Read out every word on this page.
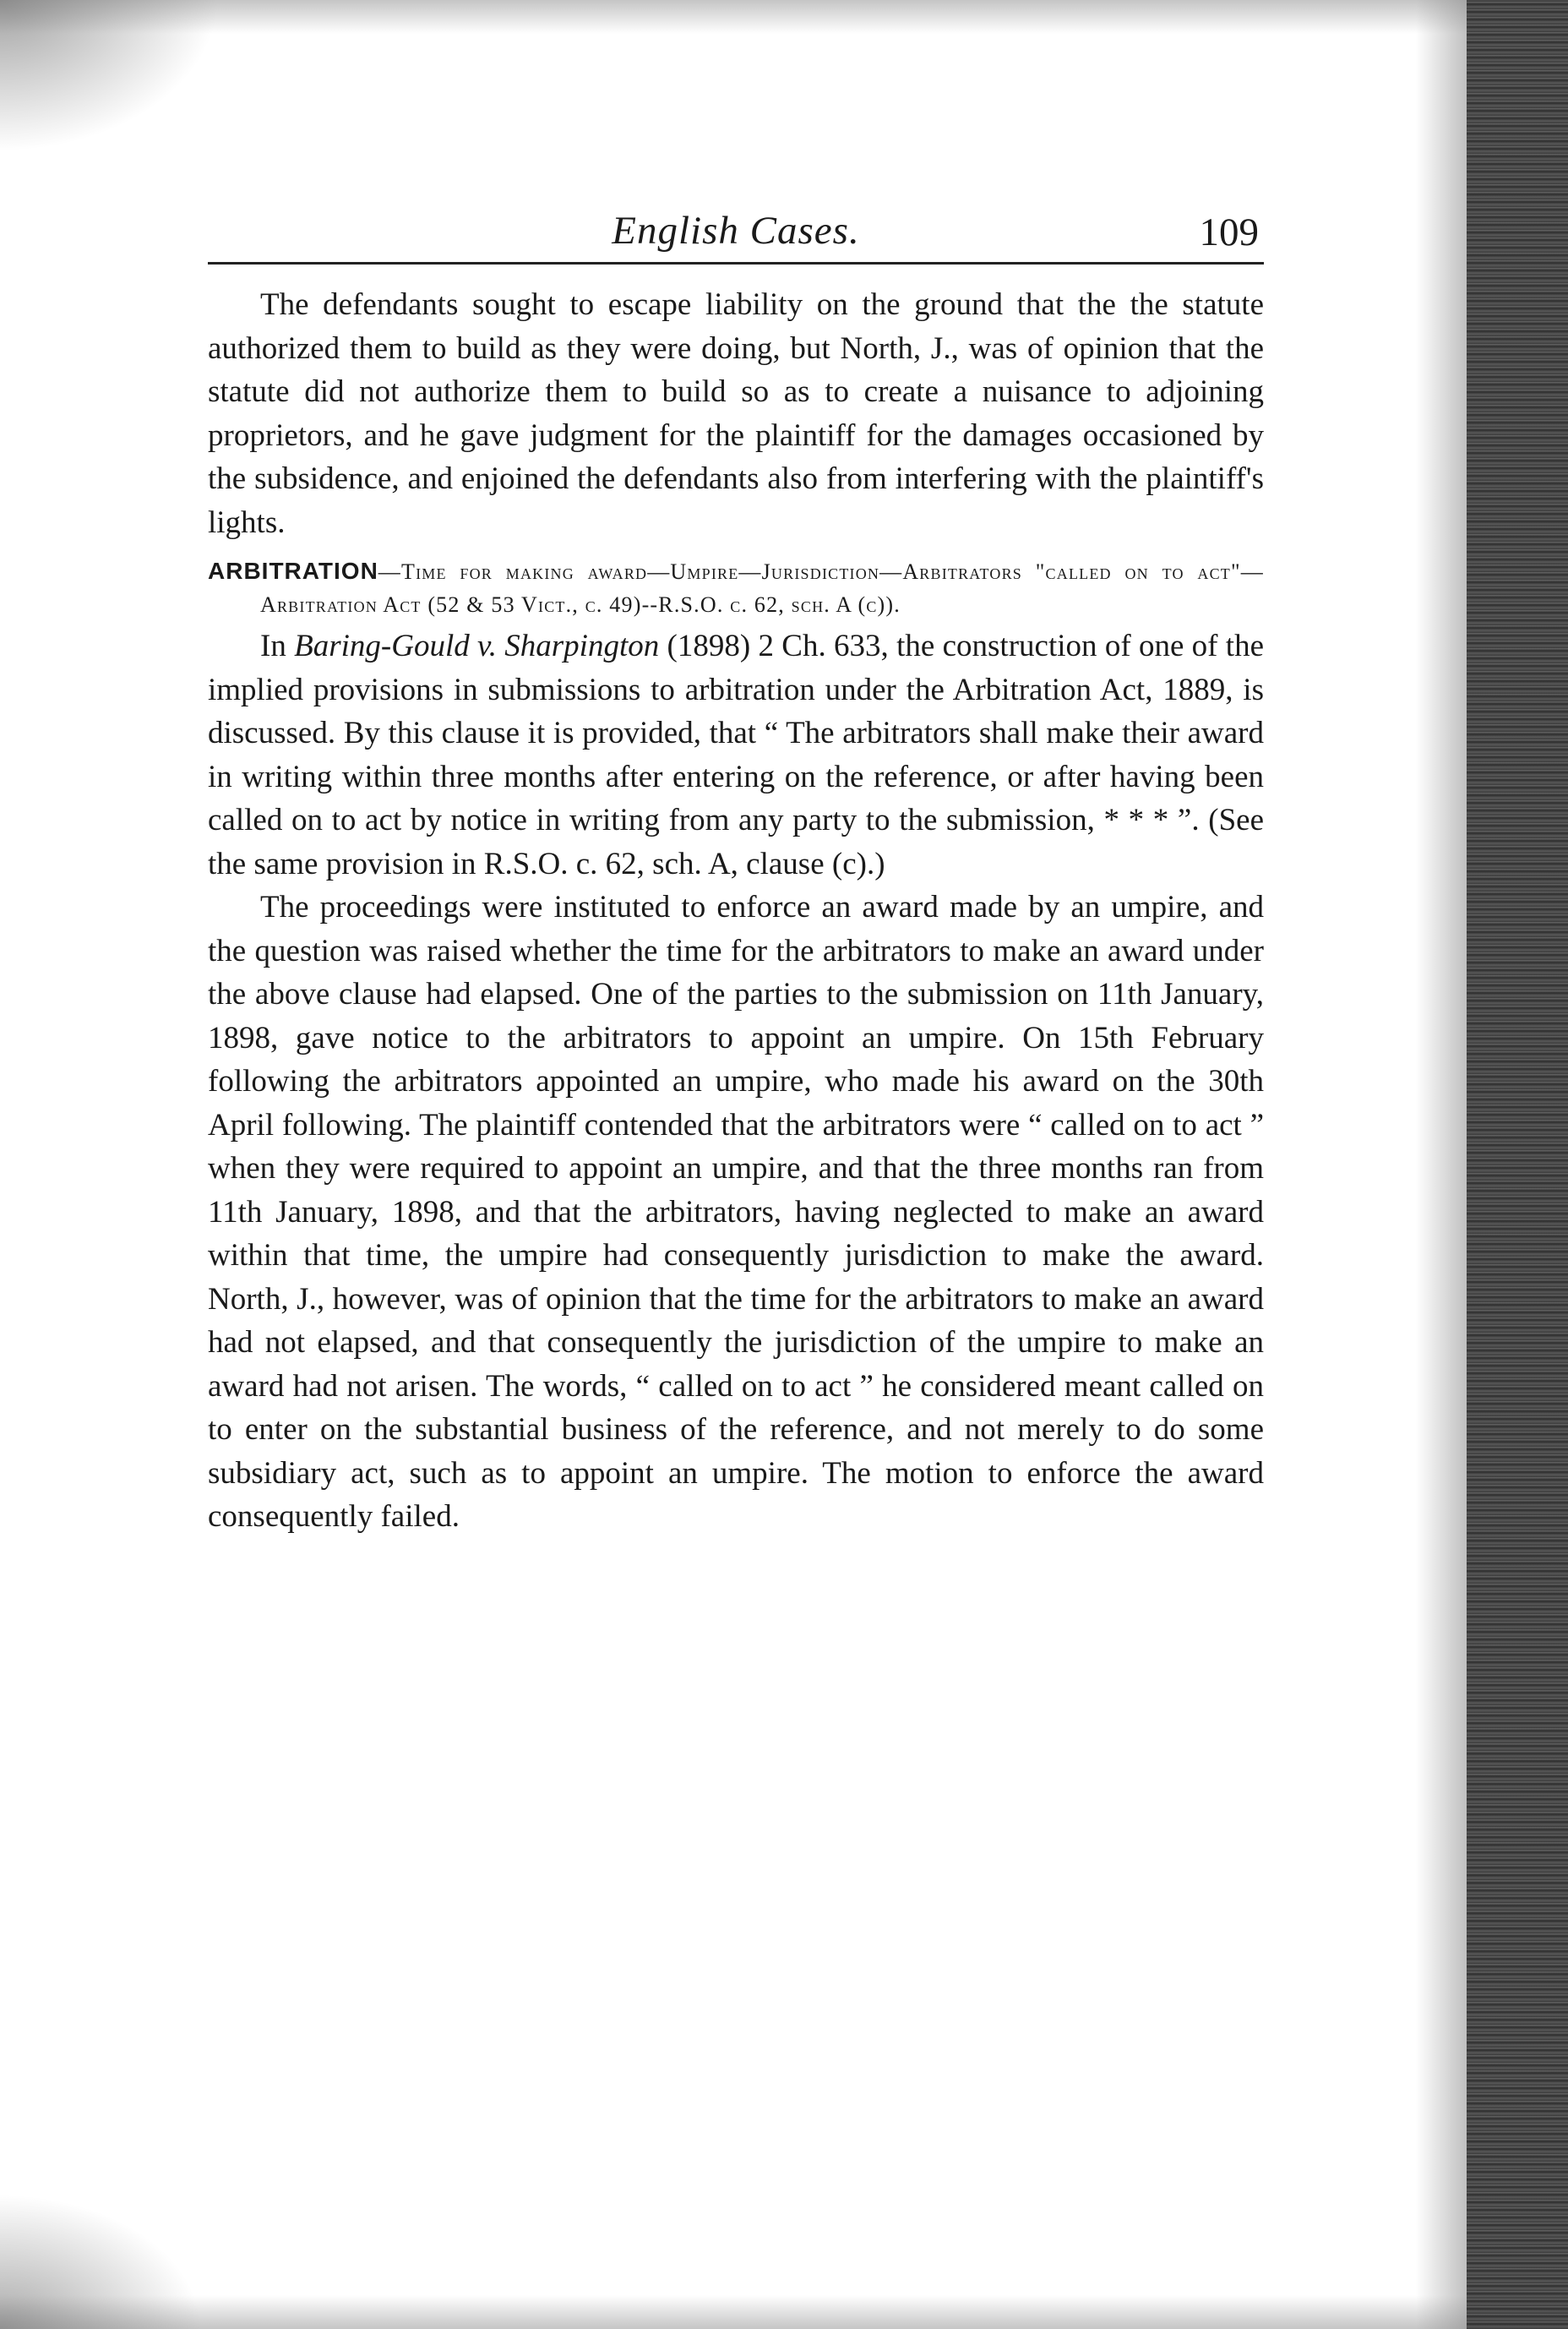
English Cases.	109

The defendants sought to escape liability on the ground that the the statute authorized them to build as they were doing, but North, J., was of opinion that the statute did not authorize them to build so as to create a nuisance to adjoining proprietors, and he gave judgment for the plaintiff for the damages occasioned by the subsidence, and enjoined the defendants also from interfering with the plaintiff's lights.

ARBITRATION—Time for making award—Umpire—Jurisdiction—Arbitrators "called on to act"—Arbitration Act (52 & 53 Vict., c. 49)--R.S.O. c. 62, sch. A (c)).

In Baring-Gould v. Sharpington (1898) 2 Ch. 633, the construction of one of the implied provisions in submissions to arbitration under the Arbitration Act, 1889, is discussed. By this clause it is provided, that “ The arbitrators shall make their award in writing within three months after entering on the reference, or after having been called on to act by notice in writing from any party to the submission, * * * ”. (See the same provision in R.S.O. c. 62, sch. A, clause (c).)

The proceedings were instituted to enforce an award made by an umpire, and the question was raised whether the time for the arbitrators to make an award under the above clause had elapsed. One of the parties to the submission on 11th January, 1898, gave notice to the arbitrators to appoint an umpire. On 15th February following the arbitrators appointed an umpire, who made his award on the 30th April following. The plaintiff contended that the arbitrators were “ called on to act ” when they were required to appoint an umpire, and that the three months ran from 11th January, 1898, and that the arbitrators, having neglected to make an award within that time, the umpire had consequently jurisdiction to make the award. North, J., however, was of opinion that the time for the arbitrators to make an award had not elapsed, and that consequently the jurisdiction of the umpire to make an award had not arisen. The words, “ called on to act ” he considered meant called on to enter on the substantial business of the reference, and not merely to do some subsidiary act, such as to appoint an umpire. The motion to enforce the award consequently failed.
